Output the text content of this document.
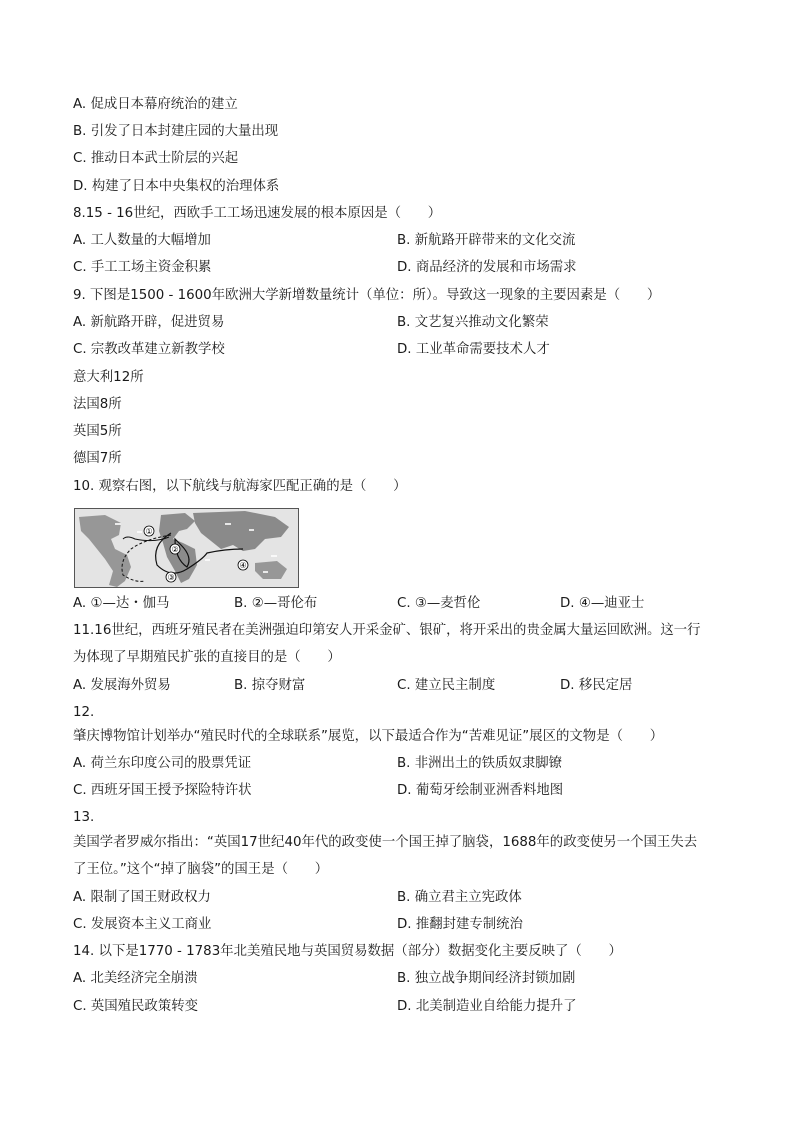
A. 促成日本幕府统治的建立
B. 引发了日本封建庄园的大量出现
C. 推动日本武士阶层的兴起
D. 构建了日本中央集权的治理体系
8.15 - 16世纪，西欧手工工场迅速发展的根本原因是（　　）
A. 工人数量的大幅增加	B. 新航路开辟带来的文化交流
C. 手工工场主资金积累	D. 商品经济的发展和市场需求
9. 下图是1500 - 1600年欧洲大学新增数量统计（单位：所）。导致这一现象的主要因素是（　　）
A. 新航路开辟，促进贸易	B. 文艺复兴推动文化繁荣
C. 宗教改革建立新教学校	D. 工业革命需要技术人才
意大利12所
法国8所
英国5所
德国7所
10. 观察右图，以下航线与航海家匹配正确的是（　　）
①
②
③
④
A. ①—达・伽马	B. ②—哥伦布	C. ③—麦哲伦	D. ④—迪亚士
11.16世纪，西班牙殖民者在美洲强迫印第安人开采金矿、银矿，将开采出的贵金属大量运回欧洲。这一行
为体现了早期殖民扩张的直接目的是（　　）
A. 发展海外贸易	B. 掠夺财富	C. 建立民主制度	D. 移民定居
12.
肇庆博物馆计划举办“殖民时代的全球联系”展览，以下最适合作为“苦难见证”展区的文物是（　　）
A. 荷兰东印度公司的股票凭证	B. 非洲出土的铁质奴隶脚镣
C. 西班牙国王授予探险特许状	D. 葡萄牙绘制亚洲香料地图
13.
美国学者罗威尔指出：“英国17世纪40年代的政变使一个国王掉了脑袋，1688年的政变使另一个国王失去
了王位。”这个“掉了脑袋”的国王是（　　）
A. 限制了国王财政权力	B. 确立君主立宪政体
C. 发展资本主义工商业	D. 推翻封建专制统治
14. 以下是1770 - 1783年北美殖民地与英国贸易数据（部分）数据变化主要反映了（　　）
A. 北美经济完全崩溃	B. 独立战争期间经济封锁加剧
C. 英国殖民政策转变	D. 北美制造业自给能力提升了
